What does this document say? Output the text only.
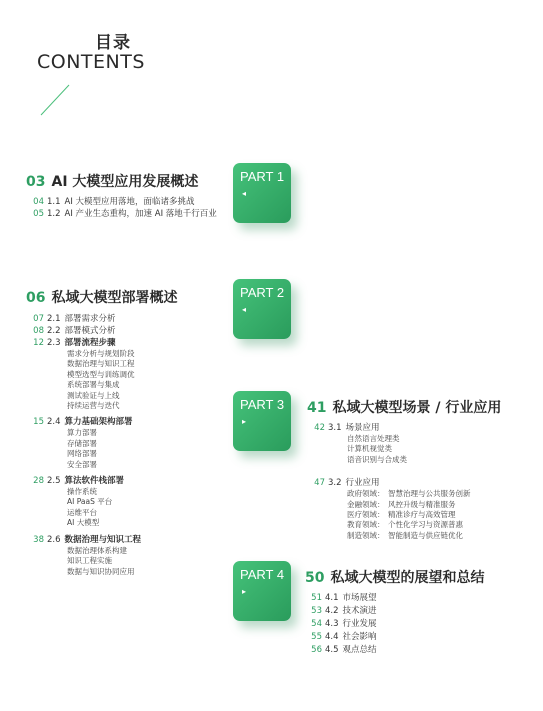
目录
CONTENTS
PART 1
◂
PART 2
◂
PART 3
▸
PART 4
▸
03 AI 大模型应用发展概述
04 1.1 AI 大模型应用落地，面临诸多挑战
05 1.2 AI 产业生态重构，加速 AI 落地千行百业
06 私域大模型部署概述
07 2.1 部署需求分析
08 2.2 部署模式分析
12 2.3 部署流程步骤
需求分析与规划阶段
数据治理与知识工程
模型选型与训练调优
系统部署与集成
测试验证与上线
持续运营与迭代
15 2.4 算力基础架构部署
算力部署
存储部署
网络部署
安全部署
28 2.5 算法软件栈部署
操作系统
AI PaaS 平台
运维平台
AI 大模型
38 2.6 数据治理与知识工程
数据治理体系构建
知识工程实施
数据与知识协同应用
41 私域大模型场景 / 行业应用
42 3.1 场景应用
自然语言处理类
计算机视觉类
语音识别与合成类
47 3.2 行业应用
政府领域： 智慧治理与公共服务创新
金融领域： 风控升级与精准服务
医疗领域： 精准诊疗与高效管理
教育领域： 个性化学习与资源普惠
制造领域： 智能制造与供应链优化
50 私域大模型的展望和总结
51 4.1 市场展望
53 4.2 技术演进
54 4.3 行业发展
55 4.4 社会影响
56 4.5 观点总结
